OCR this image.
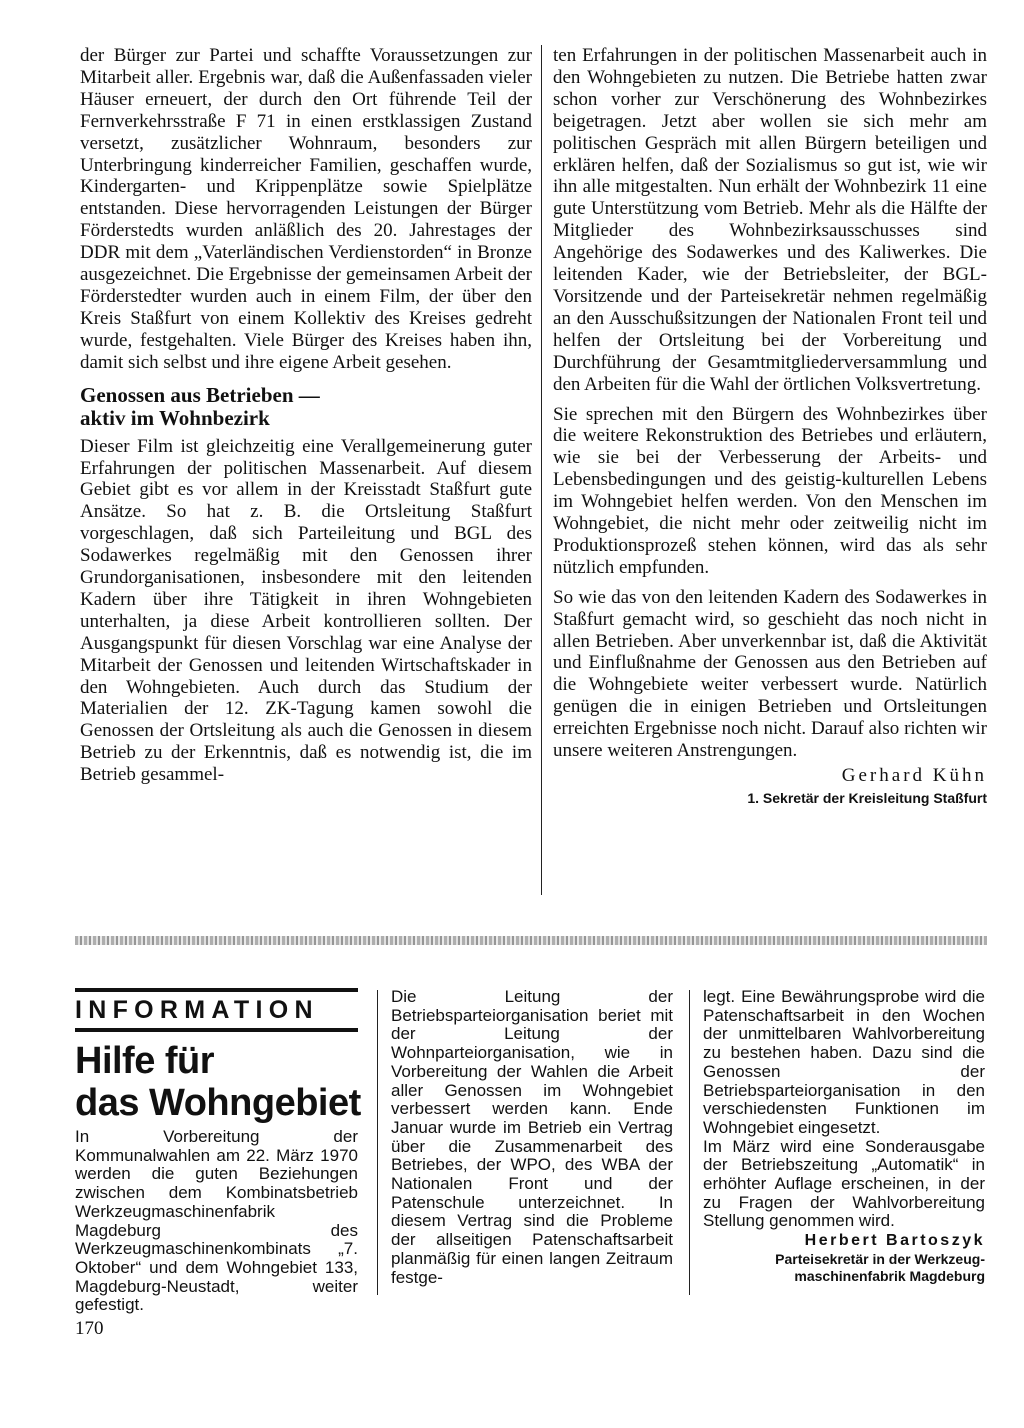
der Bürger zur Partei und schaffte Voraussetzungen zur Mitarbeit aller. Ergebnis war, daß die Außenfassaden vieler Häuser erneuert, der durch den Ort führende Teil der Fernverkehrsstraße F 71 in einen erstklassigen Zustand versetzt, zusätzlicher Wohnraum, besonders zur Unterbringung kinderreicher Familien, geschaffen wurde, Kindergarten- und Krippenplätze sowie Spielplätze entstanden. Diese hervorragenden Leistungen der Bürger Förderstedts wurden anläßlich des 20. Jahrestages der DDR mit dem „Vaterländischen Verdienstorden“ in Bronze ausgezeichnet. Die Ergebnisse der gemeinsamen Arbeit der Förderstedter wurden auch in einem Film, der über den Kreis Staßfurt von einem Kollektiv des Kreises gedreht wurde, festgehalten. Viele Bürger des Kreises haben ihn, damit sich selbst und ihre eigene Arbeit gesehen.

Genossen aus Betrieben —
aktiv im Wohnbezirk

Dieser Film ist gleichzeitig eine Verallgemeinerung guter Erfahrungen der politischen Massenarbeit. Auf diesem Gebiet gibt es vor allem in der Kreisstadt Staßfurt gute Ansätze. So hat z. B. die Ortsleitung Staßfurt vorgeschlagen, daß sich Parteileitung und BGL des Sodawerkes regelmäßig mit den Genossen ihrer Grundorganisationen, insbesondere mit den leitenden Kadern über ihre Tätigkeit in ihren Wohngebieten unterhalten, ja diese Arbeit kontrollieren sollten. Der Ausgangspunkt für diesen Vorschlag war eine Analyse der Mitarbeit der Genossen und leitenden Wirtschaftskader in den Wohngebieten. Auch durch das Studium der Materialien der 12. ZK-Tagung kamen sowohl die Genossen der Ortsleitung als auch die Genossen in diesem Betrieb zu der Erkenntnis, daß es notwendig ist, die im Betrieb gesammel-

ten Erfahrungen in der politischen Massenarbeit auch in den Wohngebieten zu nutzen. Die Betriebe hatten zwar schon vorher zur Verschönerung des Wohnbezirkes beigetragen. Jetzt aber wollen sie sich mehr am politischen Gespräch mit allen Bürgern beteiligen und erklären helfen, daß der Sozialismus so gut ist, wie wir ihn alle mitgestalten. Nun erhält der Wohnbezirk 11 eine gute Unterstützung vom Betrieb. Mehr als die Hälfte der Mitglieder des Wohnbezirksausschusses sind Angehörige des Sodawerkes und des Kaliwerkes. Die leitenden Kader, wie der Betriebsleiter, der BGL-Vorsitzende und der Parteisekretär nehmen regelmäßig an den Ausschußsitzungen der Nationalen Front teil und helfen der Ortsleitung bei der Vorbereitung und Durchführung der Gesamtmitgliederversammlung und den Arbeiten für die Wahl der örtlichen Volksvertretung.

Sie sprechen mit den Bürgern des Wohnbezirkes über die weitere Rekonstruktion des Betriebes und erläutern, wie sie bei der Verbesserung der Arbeits- und Lebensbedingungen und des geistig-kulturellen Lebens im Wohngebiet helfen werden. Von den Menschen im Wohngebiet, die nicht mehr oder zeitweilig nicht im Produktionsprozeß stehen können, wird das als sehr nützlich empfunden.

So wie das von den leitenden Kadern des Sodawerkes in Staßfurt gemacht wird, so geschieht das noch nicht in allen Betrieben. Aber unverkennbar ist, daß die Aktivität und Einflußnahme der Genossen aus den Betrieben auf die Wohngebiete weiter verbessert wurde. Natürlich genügen die in einigen Betrieben und Ortsleitungen erreichten Ergebnisse noch nicht. Darauf also richten wir unsere weiteren Anstrengungen.

Gerhard Kühn
1. Sekretär der Kreisleitung Staßfurt
INFORMATION
Hilfe für
das Wohngebiet

In Vorbereitung der Kommunalwahlen am 22. März 1970 werden die guten Beziehungen zwischen dem Kombinatsbetrieb Werkzeugmaschinenfabrik Magdeburg des Werkzeugmaschinenkombinats „7. Oktober“ und dem Wohngebiet 133, Magdeburg-Neustadt, weiter gefestigt.

Die Leitung der Betriebsparteiorganisation beriet mit der Leitung der Wohnparteiorganisation, wie in Vorbereitung der Wahlen die Arbeit aller Genossen im Wohngebiet verbessert werden kann. Ende Januar wurde im Betrieb ein Vertrag über die Zusammenarbeit des Betriebes, der WPO, des WBA der Nationalen Front und der Patenschule unterzeichnet. In diesem Vertrag sind die Probleme der allseitigen Patenschaftsarbeit planmäßig für einen langen Zeitraum festge-

legt. Eine Bewährungsprobe wird die Patenschaftsarbeit in den Wochen der unmittelbaren Wahlvorbereitung zu bestehen haben. Dazu sind die Genossen der Betriebsparteiorganisation in den verschiedensten Funktionen im Wohngebiet eingesetzt.

Im März wird eine Sonderausgabe der Betriebszeitung „Automatik“ in erhöhter Auflage erscheinen, in der zu Fragen der Wahlvorbereitung Stellung genommen wird.

Herbert Bartoszyk
Parteisekretär in der Werkzeug-
maschinenfabrik Magdeburg
170
